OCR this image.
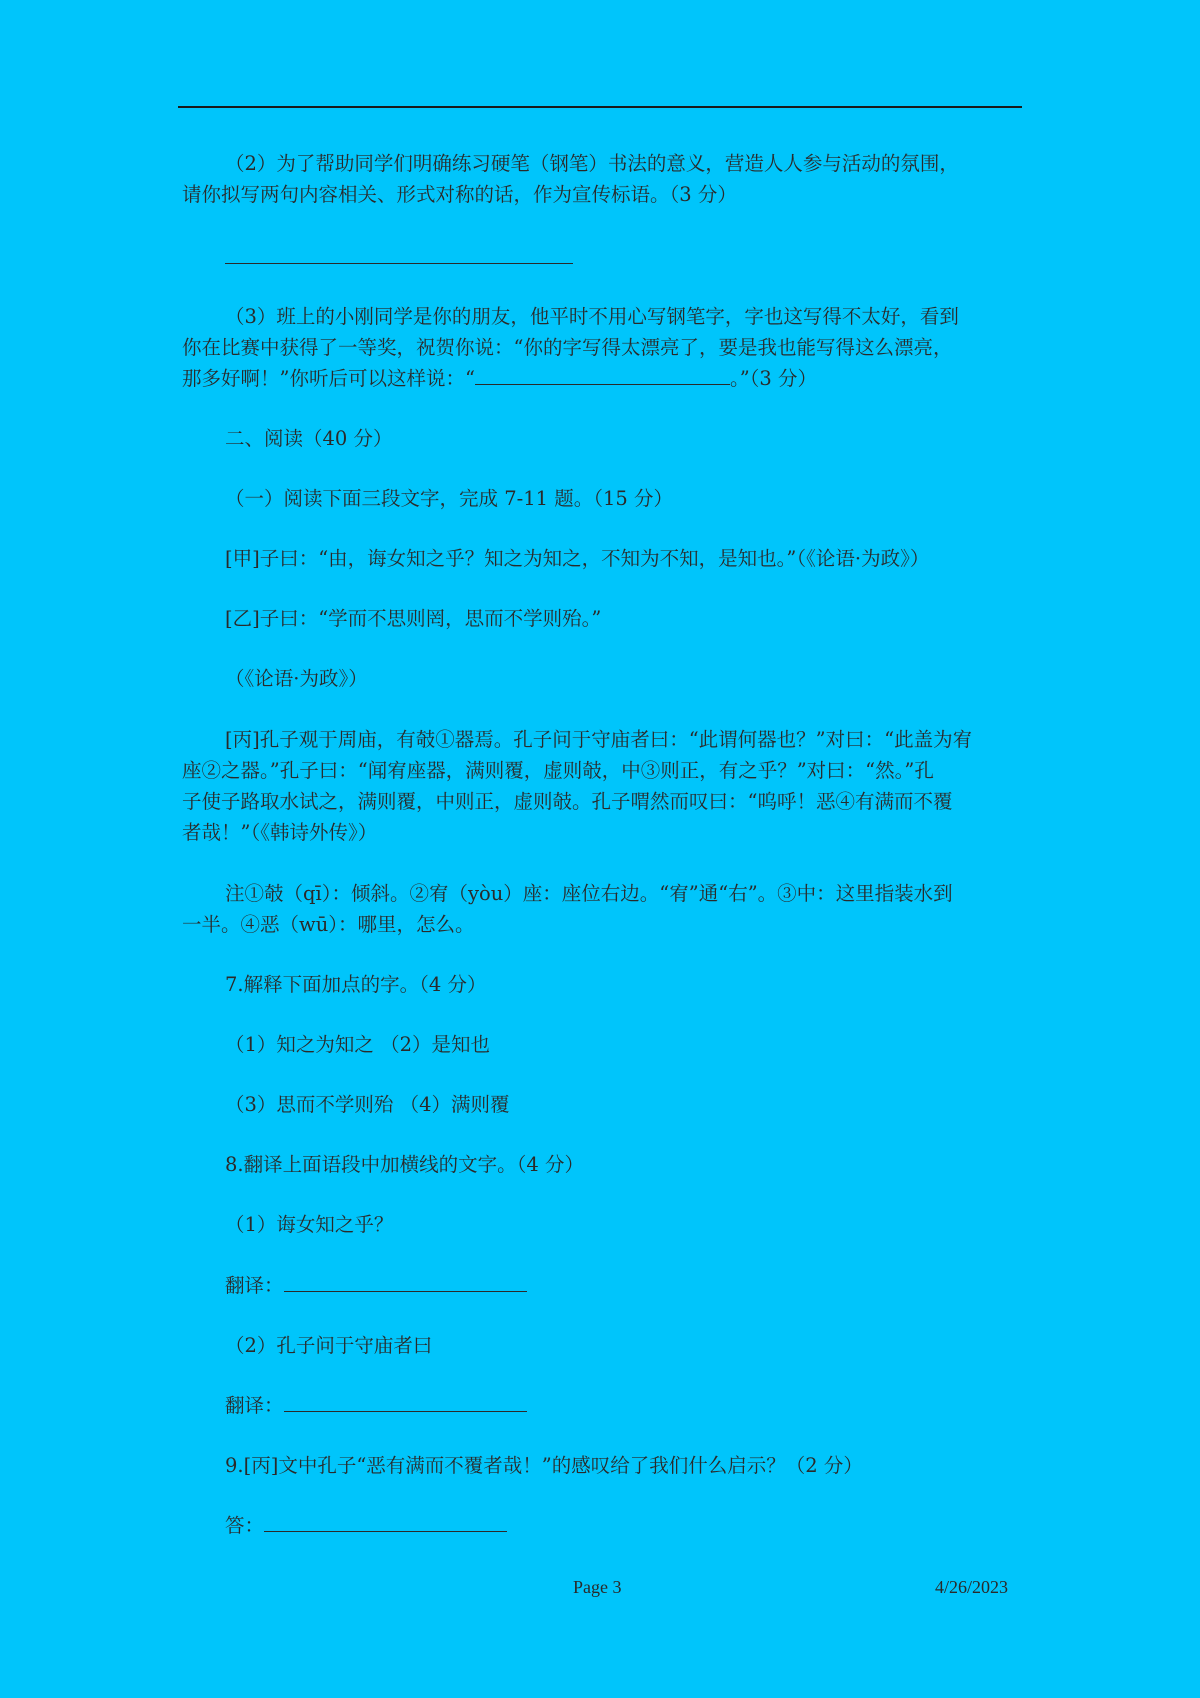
（2）为了帮助同学们明确练习硬笔（钢笔）书法的意义，营造人人参与活动的氛围，
请你拟写两句内容相关、形式对称的话，作为宣传标语。（3 分）
（3）班上的小刚同学是你的朋友，他平时不用心写钢笔字，字也这写得不太好，看到
你在比赛中获得了一等奖，祝贺你说：“你的字写得太漂亮了，要是我也能写得这么漂亮，
那多好啊！”你听后可以这样说：“	。”（3 分）
二、阅读（40 分）
（一）阅读下面三段文字，完成 7-11 题。（15 分）
[甲]子曰：“由，诲女知之乎？知之为知之，不知为不知，是知也。”（《论语·为政》）
[乙]子曰：“学而不思则罔，思而不学则殆。”
（《论语·为政》）
[丙]孔子观于周庙，有攲①器焉。孔子问于守庙者曰：“此谓何器也？”对曰：“此盖为宥
座②之器。”孔子曰：“闻宥座器，满则覆，虚则攲，中③则正，有之乎？”对曰：“然。”孔
子使子路取水试之，满则覆，中则正，虚则攲。孔子喟然而叹曰：“呜呼！恶④有满而不覆
者哉！”（《韩诗外传》）
注①攲（qī）：倾斜。②宥（yòu）座：座位右边。“宥”通“右”。③中：这里指装水到
一半。④恶（wū）：哪里，怎么。
7.解释下面加点的字。（4 分）
（1）知之为知之 （2）是知也
（3）思而不学则殆 （4）满则覆
8.翻译上面语段中加横线的文字。（4 分）
（1）诲女知之乎？
翻译：
（2）孔子问于守庙者曰
翻译：
9.[丙]文中孔子“恶有满而不覆者哉！”的感叹给了我们什么启示？（2 分）
答：
Page 3	4/26/2023
